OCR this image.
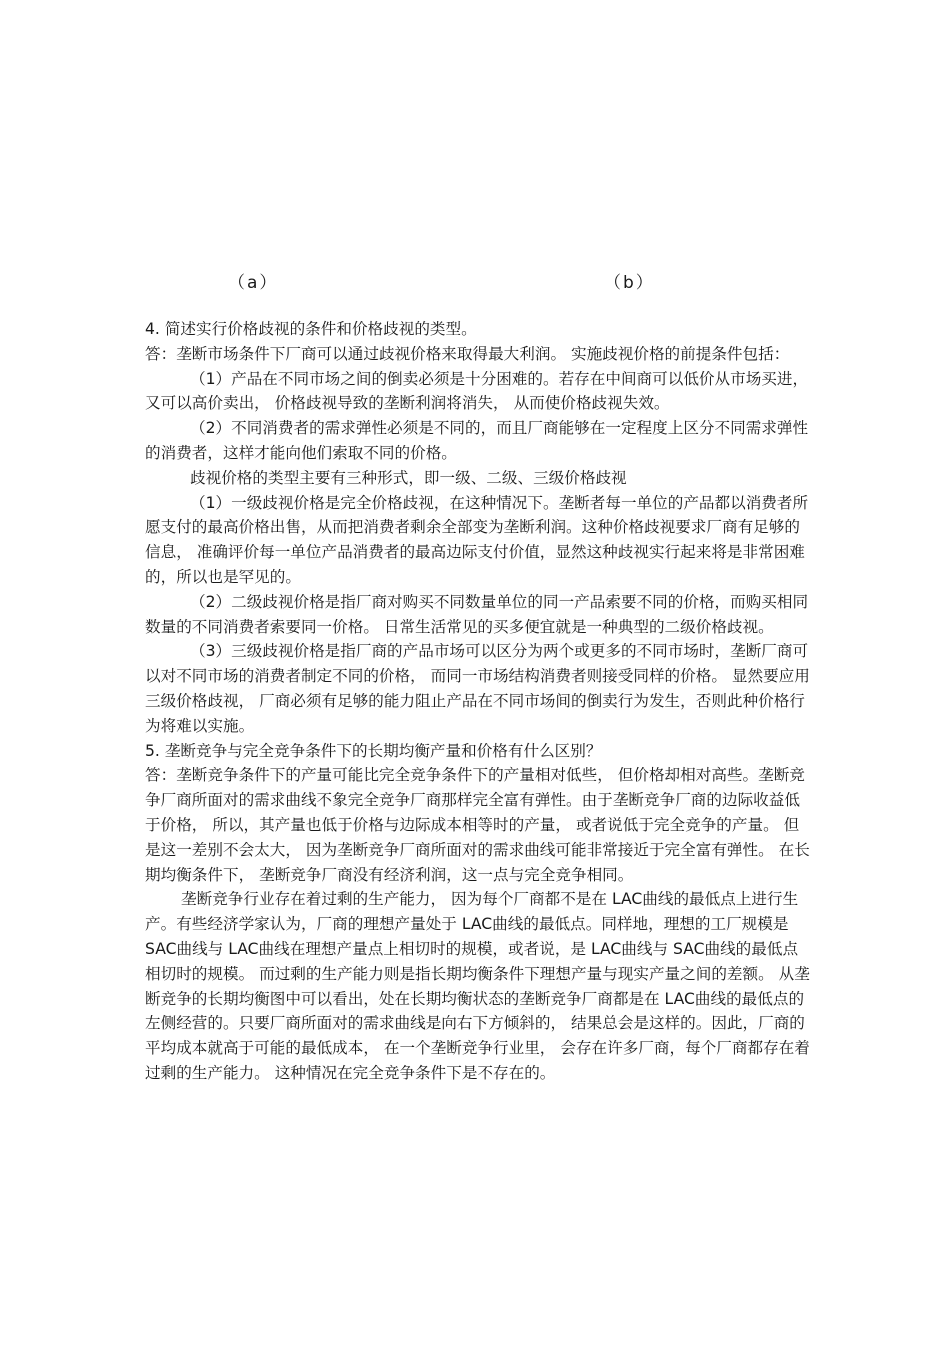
（a）	（b）

4. 简述实行价格歧视的条件和价格歧视的类型。

答：垄断市场条件下厂商可以通过歧视价格来取得最大利润。 实施歧视价格的前提条件包括：

（1）产品在不同市场之间的倒卖必须是十分困难的。若存在中间商可以低价从市场买进， 又可以高价卖出， 价格歧视导致的垄断利润将消失， 从而使价格歧视失效。

（2）不同消费者的需求弹性必须是不同的，而且厂商能够在一定程度上区分不同需求弹性的消费者，这样才能向他们索取不同的价格。

歧视价格的类型主要有三种形式，即一级、二级、三级价格歧视

（1）一级歧视价格是完全价格歧视，在这种情况下。垄断者每一单位的产品都以消费者所愿支付的最高价格出售，从而把消费者剩余全部变为垄断利润。这种价格歧视要求厂商有足够的信息， 准确评价每一单位产品消费者的最高边际支付价值，显然这种歧视实行起来将是非常困难的，所以也是罕见的。

（2）二级歧视价格是指厂商对购买不同数量单位的同一产品索要不同的价格，而购买相同数量的不同消费者索要同一价格。 日常生活常见的买多便宜就是一种典型的二级价格歧视。

（3）三级歧视价格是指厂商的产品市场可以区分为两个或更多的不同市场时，垄断厂商可以对不同市场的消费者制定不同的价格， 而同一市场结构消费者则接受同样的价格。 显然要应用三级价格歧视， 厂商必须有足够的能力阻止产品在不同市场间的倒卖行为发生，否则此种价格行为将难以实施。

5. 垄断竞争与完全竞争条件下的长期均衡产量和价格有什么区别？

答：垄断竞争条件下的产量可能比完全竞争条件下的产量相对低些， 但价格却相对高些。垄断竞争厂商所面对的需求曲线不象完全竞争厂商那样完全富有弹性。由于垄断竞争厂商的边际收益低于价格， 所以，其产量也低于价格与边际成本相等时的产量， 或者说低于完全竞争的产量。 但是这一差别不会太大， 因为垄断竞争厂商所面对的需求曲线可能非常接近于完全富有弹性。 在长期均衡条件下， 垄断竞争厂商没有经济利润，这一点与完全竞争相同。

垄断竞争行业存在着过剩的生产能力， 因为每个厂商都不是在 LAC曲线的最低点上进行生产。有些经济学家认为，厂商的理想产量处于 LAC曲线的最低点。同样地，理想的工厂规模是 SAC曲线与 LAC曲线在理想产量点上相切时的规模，或者说，是 LAC曲线与 SAC曲线的最低点相切时的规模。 而过剩的生产能力则是指长期均衡条件下理想产量与现实产量之间的差额。 从垄断竞争的长期均衡图中可以看出，处在长期均衡状态的垄断竞争厂商都是在 LAC曲线的最低点的左侧经营的。只要厂商所面对的需求曲线是向右下方倾斜的， 结果总会是这样的。因此，厂商的平均成本就高于可能的最低成本， 在一个垄断竞争行业里， 会存在许多厂商，每个厂商都存在着过剩的生产能力。 这种情况在完全竞争条件下是不存在的。
